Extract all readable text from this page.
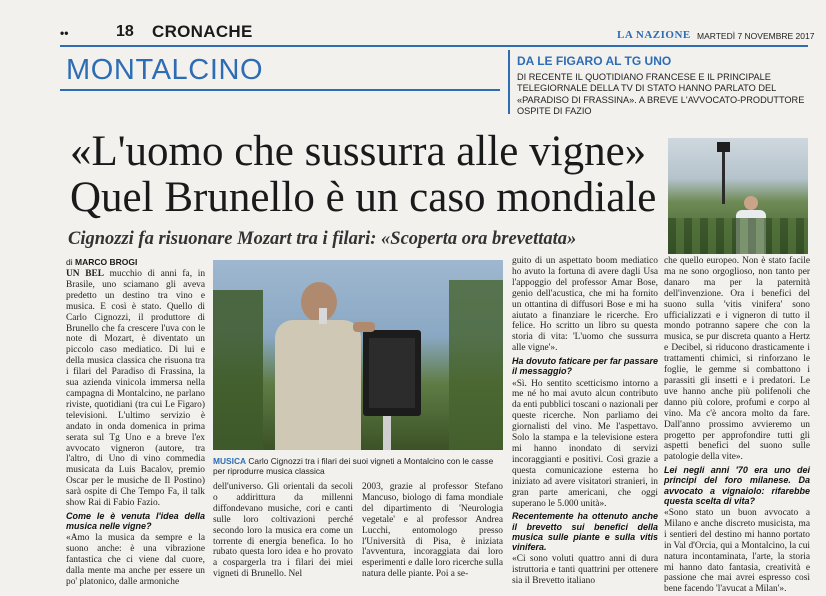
••	18 CRONACHE	LA NAZIONE MARTEDÌ 7 NOVEMBRE 2017
MONTALCINO	DA LE FIGARO AL TG UNO
DI RECENTE IL QUOTIDIANO FRANCESE E IL PRINCIPALE TELEGIORNALE DELLA TV DI STATO HANNO PARLATO DEL «PARADISO DI FRASSINA». A BREVE L'AVVOCATO-PRODUTTORE OSPITE DI FAZIO
«L'uomo che sussurra alle vigne»
Quel Brunello è un caso mondiale
Cignozzi fa risuonare Mozart tra i filari: «Scoperta ora brevettata»
di MARCO BROGI
MUSICA Carlo Cignozzi tra i filari dei suoi vigneti a Montalcino con le casse per riprodurre musica classica

UN BEL mucchio di anni fa, in Brasile, uno sciamano gli aveva predetto un destino tra vino e musica. E così è stato. Quello di Carlo Cignozzi, il produttore di Brunello che fa crescere l'uva con le note di Mozart, è diventato un piccolo caso mediatico. Di lui e della musica classica che risuona tra i filari del Paradiso di Frassina, la sua azienda vinicola immersa nella campagna di Montalcino, ne parlano riviste, quotidiani (tra cui Le Figaro) televisioni. L'ultimo servizio è andato in onda domenica in prima serata sul Tg Uno e a breve l'ex avvocato vigneron (autore, tra l'altro, di Uno di vino commedia musicata da Luis Bacalov, premio Oscar per le musiche de Il Postino) sarà ospite di Che Tempo Fa, il talk show Rai di Fabio Fazio.

Come le è venuta l'idea della musica nelle vigne?

«Amo la musica da sempre e la suono anche: è una vibrazione fantastica che ci viene dal cuore, dalla mente ma anche per essere un po' platonico, dalle armoniche

dell'universo. Gli orientali da secoli o addirittura da millenni diffondevano musiche, cori e canti sulle loro coltivazioni perché secondo loro la musica era come un torrente di energia benefica. Io ho rubato questa loro idea e ho provato a cospargerla tra i filari dei miei vigneti di Brunello. Nel

2003, grazie al professor Stefano Mancuso, biologo di fama mondiale del dipartimento di 'Neurologia vegetale' e al professor Andrea Lucchi, entomologo presso l'Università di Pisa, è iniziata l'avventura, incoraggiata dai loro esperimenti e dalle loro ricerche sulla natura delle piante. Poi a se-

guito di un aspettato boom mediatico ho avuto la fortuna di avere dagli Usa l'appoggio del professor Amar Bose, genio dell'acustica, che mi ha fornito un ottantina di diffusori Bose e mi ha aiutato a finanziare le ricerche. Ero felice. Ho scritto un libro su questa storia di vita: 'L'uomo che sussurra alle vigne'».

Ha dovuto faticare per far passare il messaggio?

«Sì. Ho sentito scetticismo intorno a me né ho mai avuto alcun contributo da enti pubblici toscani o nazionali per queste ricerche. Non parliamo dei giornalisti del vino. Me l'aspettavo. Solo la stampa e la televisione estera mi hanno inondato di servizi incoraggianti e positivi. Così grazie a questa comunicazione esterna ho iniziato ad avere visitatori stranieri, in gran parte americani, che oggi superano le 5.000 unità».

Recentemente ha ottenuto anche il brevetto sui benefici della musica sulle piante e sulla vitis vinifera.

«Ci sono voluti quattro anni di dura istruttoria e tanti quattrini per ottenere sia il Brevetto italiano

che quello europeo. Non è stato facile ma ne sono orgoglioso, non tanto per danaro ma per la paternità dell'invenzione. Ora i benefici del suono sulla 'vitis vinifera' sono ufficializzati e i vigneron di tutto il mondo potranno sapere che con la musica, se pur discreta quanto a Hertz e Decibel, si riducono drasticamente i trattamenti chimici, si rinforzano le foglie, le gemme si combattono i parassiti gli insetti e i predatori. Le uve hanno anche più polifenoli che danno più colore, profumi e corpo al vino. Ma c'è ancora molto da fare. Dall'anno prossimo avvieremo un progetto per approfondire tutti gli aspetti benefici del suono sulle patologie della vite».

Lei negli anni '70 era uno dei principi del foro milanese. Da avvocato a vignaiolo: rifarebbe questa scelta di vita?

«Sono stato un buon avvocato a Milano e anche discreto musicista, ma i sentieri del destino mi hanno portato in Val d'Orcia, qui a Montalcino, la cui natura incontaminata, l'arte, la storia mi hanno dato fantasia, creatività e passione che mai avrei espresso così bene facendo 'l'avucat a Milan'».
